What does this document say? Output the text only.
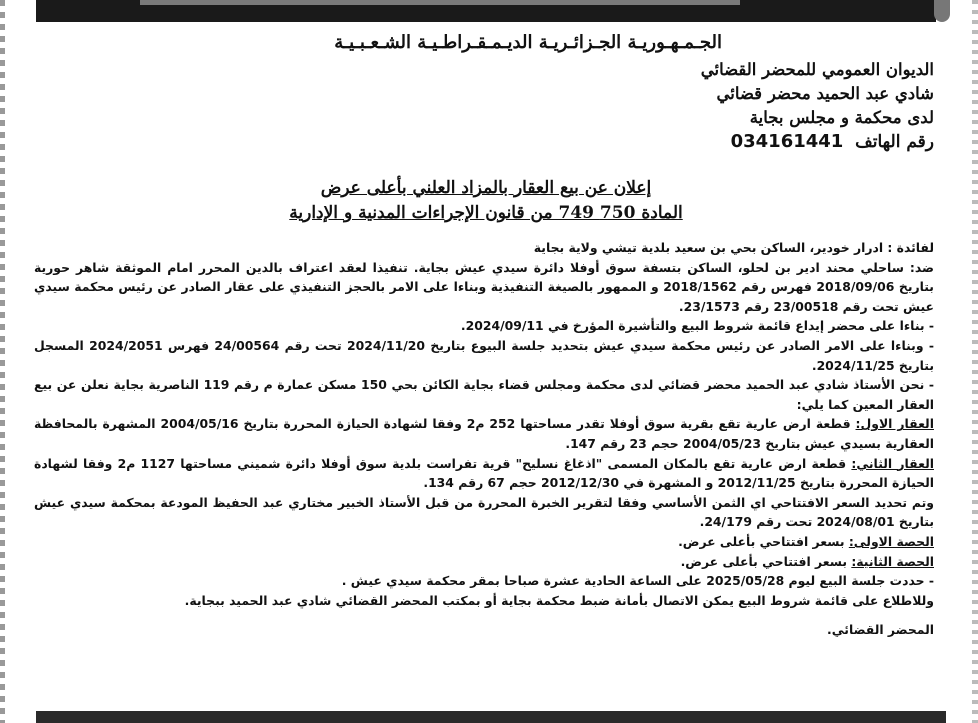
الجـمـهـوريـة الجـزائـريـة الديـمـقـراطـيـة الشـعـبـيـة
الديوان العمومي للمحضر القضائي
شادي عبد الحميد محضر قضائي
لدى محكمة و مجلس بجاية
رقم الهاتف  034161441
إعلان عن بيع العقار بالمزاد العلني بأعلى عرض
المادة 750 749 من قانون الإجراءات المدنية و الإدارية

لفائدة : ادرار خودير، الساكن بحي بن سعيد بلدية تيشي ولاية بجاية

ضد: ساحلي محند ادير بن لحلو، الساكن بتسفة سوق أوفلا دائرة سيدي عيش بجاية. تنفيذا لعقد اعتراف بالدين المحرر امام الموثقة شاهر حورية بتاريخ 2018/09/06 فهرس رقم 2018/1562 و الممهور بالصيغة التنفيذية وبناءا على الامر بالحجز التنفيذي على عقار الصادر عن رئيس محكمة سيدي عيش تحت رقم 23/00518 رقم 23/1573.

- بناءا على محضر إيداع قائمة شروط البيع والتأشيرة المؤرخ في 2024/09/11.

- وبناءا على الامر الصادر عن رئيس محكمة سيدي عيش بتحديد جلسة البيوع بتاريخ 2024/11/20 تحت رقم 24/00564 فهرس 2024/2051 المسجل بتاريخ 2024/11/25.

- نحن الأستاذ شادي عبد الحميد محضر قضائي لدى محكمة ومجلس قضاء بجاية الكائن بحي 150 مسكن عمارة م رقم 119 الناصرية بجاية نعلن عن بيع العقار المعين كما يلي:

العقار الاول: قطعة ارض عارية تقع بقرية سوق أوفلا تقدر مساحتها 252 م2 وفقا لشهادة الحيازة المحررة بتاريخ 2004/05/16 المشهرة بالمحافظة العقارية بسيدي عيش بتاريخ 2004/05/23 حجم 23 رقم 147.

العقار الثاني: قطعة ارض عارية تقع بالمكان المسمى "اذغاغ نسليح" قرية تفراست بلدية سوق أوفلا دائرة شميني مساحتها 1127 م2 وفقا لشهادة الحيازة المحررة بتاريخ 2012/11/25 و المشهرة في 2012/12/30 حجم 67 رقم 134.

وتم تحديد السعر الافتتاحي اي الثمن الأساسي وفقا لتقرير الخبرة المحررة من قبل الأستاذ الخبير مختاري عبد الحفيظ المودعة بمحكمة سيدي عيش بتاريخ 2024/08/01 تحت رقم 24/179.

الحصة الاولى: بسعر افتتاحي بأعلى عرض.

الحصة الثانية: بسعر افتتاحي بأعلى عرض.

- حددت جلسة البيع ليوم 2025/05/28 على الساعة الحادية عشرة صباحا بمقر محكمة سيدي عيش .

وللاطلاع على قائمة شروط البيع يمكن الاتصال بأمانة ضبط محكمة بجاية أو بمكتب المحضر القضائي شادي عبد الحميد ببجاية.

المحضر القضائي.
